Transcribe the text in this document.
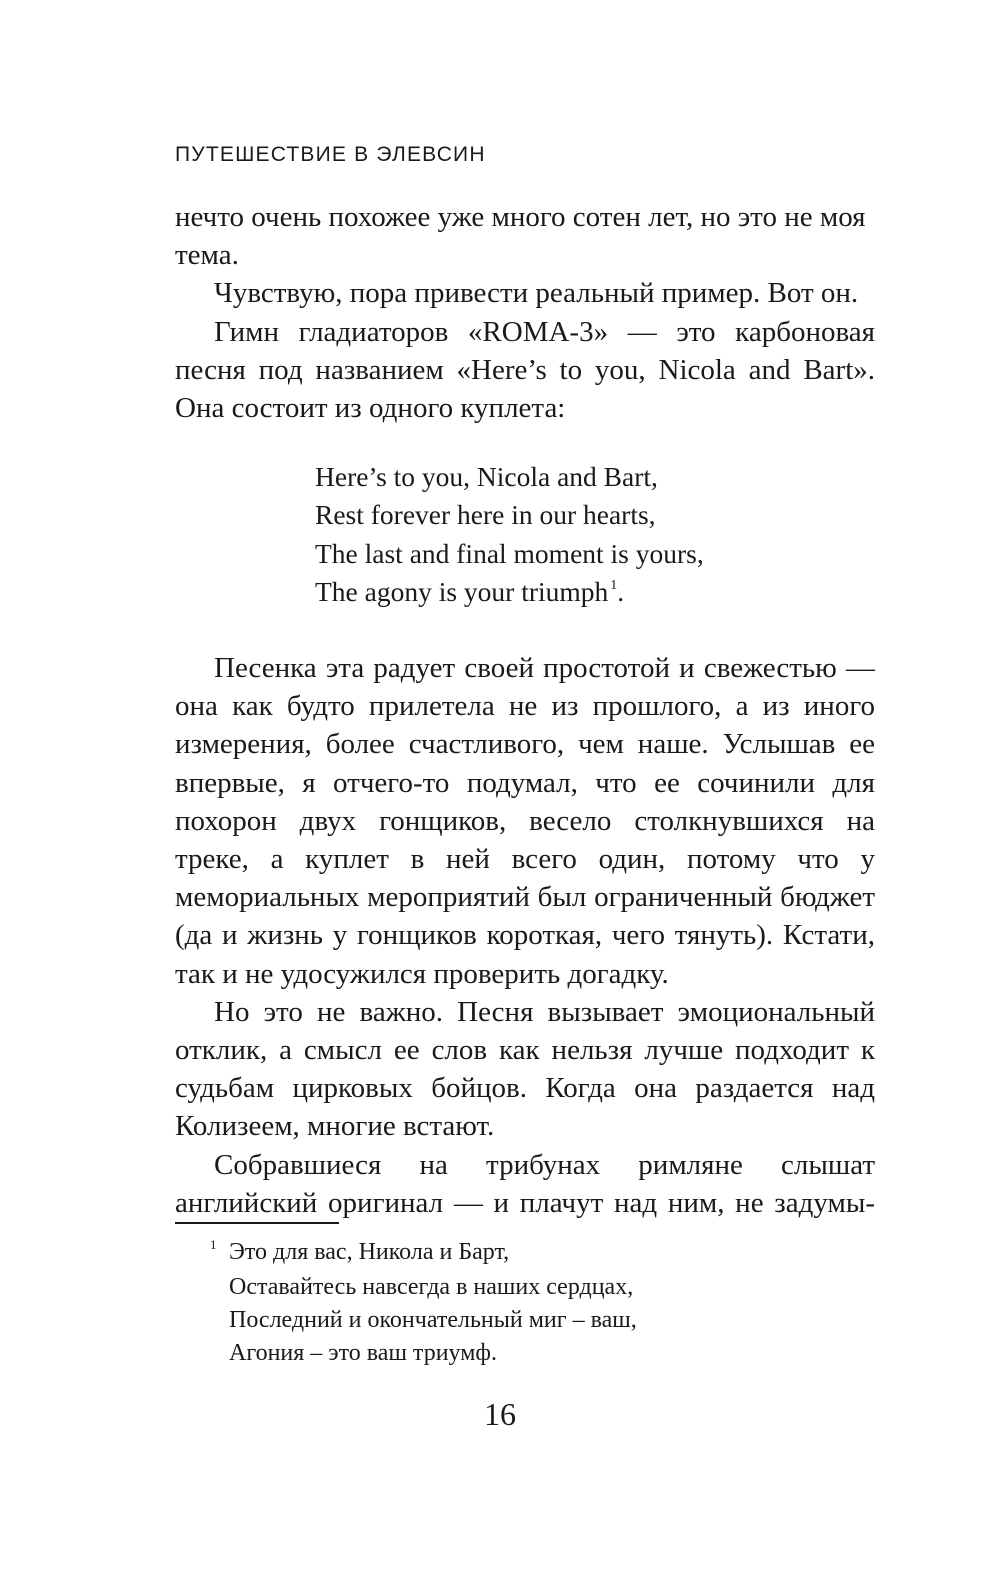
ПУТЕШЕСТВИЕ В ЭЛЕВСИН

нечто очень похожее уже много сотен лет, но это не моя тема.

Чувствую, пора привести реальный пример. Вот он.

Гимн гладиаторов «ROMA-3» — это карбоновая песня под названием «Here’s to you, Nicola and Bart». Она состоит из одного куплета:

Here’s to you, Nicola and Bart,
Rest forever here in our hearts,
The last and final moment is yours,
The agony is your triumph $^1$.

Песенка эта радует своей простотой и свежестью — она как будто прилетела не из прошлого, а из иного измерения, более счастливого, чем наше. Услышав ее впервые, я отчего-то подумал, что ее сочинили для похорон двух гонщиков, весело столкнувшихся на треке, а куплет в ней всего один, потому что у мемориальных мероприятий был ограниченный бюджет (да и жизнь у гонщиков короткая, чего тянуть). Кстати, так и не удосужился проверить догадку.

Но это не важно. Песня вызывает эмоциональный отклик, а смысл ее слов как нельзя лучше подходит к судьбам цирковых бойцов. Когда она раздается над Колизеем, многие встают.

Собравшиеся на трибунах римляне слышат английский оригинал — и плачут над ним, не задумы-

1 Это для вас, Никола и Барт,
Оставайтесь навсегда в наших сердцах,
Последний и окончательный миг – ваш,
Агония – это ваш триумф.
16
